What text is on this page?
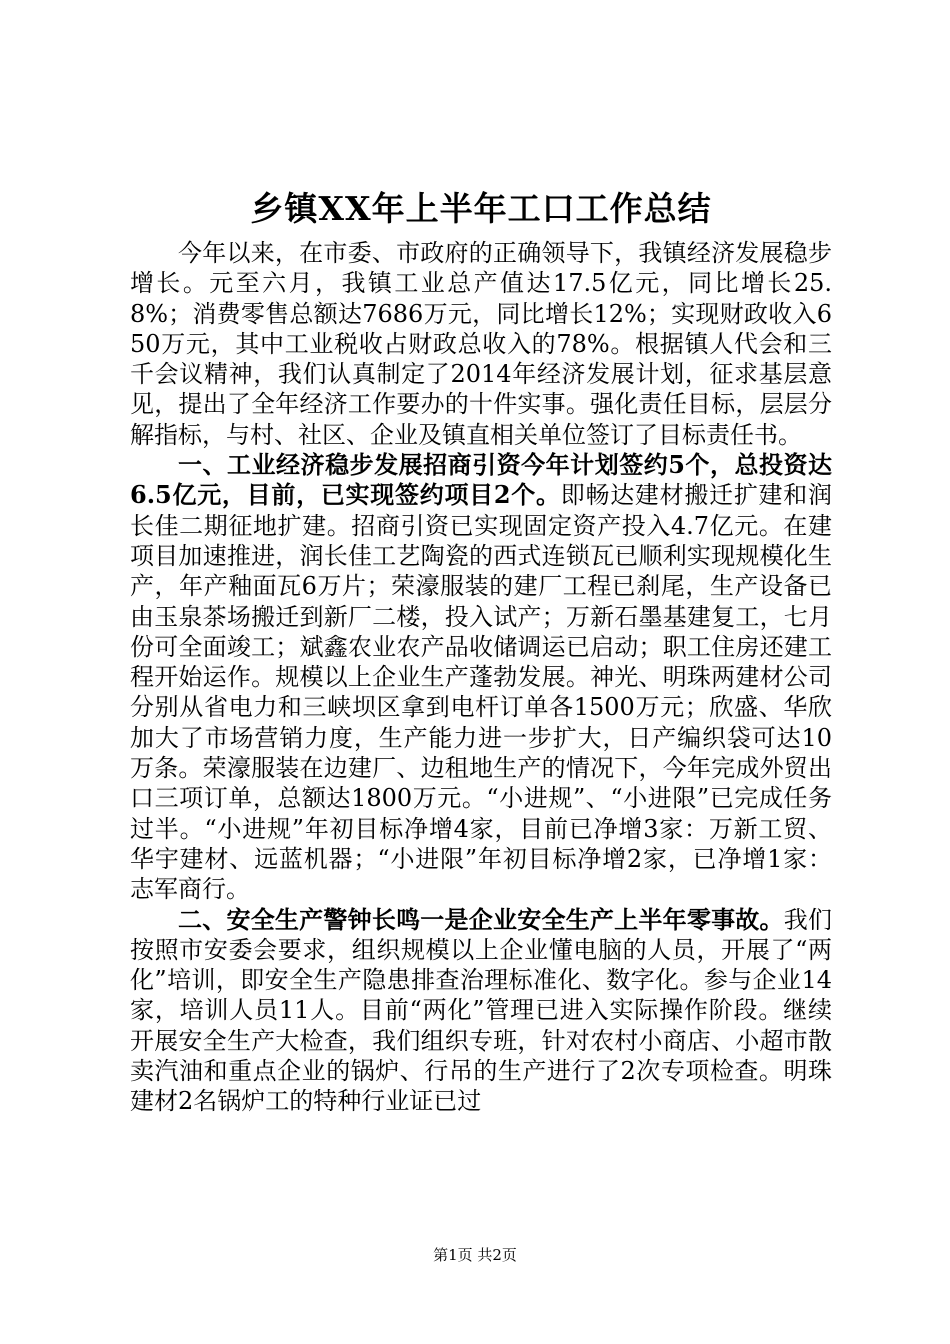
乡镇XX年上半年工口工作总结

今年以来，在市委、市政府的正确领导下，我镇经济发展稳步增长。元至六月，我镇工业总产值达17.5亿元，同比增长25.8%；消费零售总额达7686万元，同比增长12%；实现财政收入650万元，其中工业税收占财政总收入的78%。根据镇人代会和三千会议精神，我们认真制定了2014年经济发展计划，征求基层意见，提出了全年经济工作要办的十件实事。强化责任目标，层层分解指标，与村、社区、企业及镇直相关单位签订了目标责任书。

一、工业经济稳步发展招商引资今年计划签约5个，总投资达6.5亿元，目前，已实现签约项目2个。即畅达建材搬迁扩建和润长佳二期征地扩建。招商引资已实现固定资产投入4.7亿元。在建项目加速推进，润长佳工艺陶瓷的西式连锁瓦已顺利实现规模化生产，年产釉面瓦6万片；荣濠服装的建厂工程已刹尾，生产设备已由玉泉茶场搬迁到新厂二楼，投入试产；万新石墨基建复工，七月份可全面竣工；斌鑫农业农产品收储调运已启动；职工住房还建工程开始运作。规模以上企业生产蓬勃发展。神光、明珠两建材公司分别从省电力和三峡坝区拿到电杆订单各1500万元；欣盛、华欣加大了市场营销力度，生产能力进一步扩大，日产编织袋可达10万条。荣濠服装在边建厂、边租地生产的情况下，今年完成外贸出口三项订单，总额达1800万元。“小进规”、“小进限”已完成任务过半。“小进规”年初目标净增4家，目前已净增3家：万新工贸、华宇建材、远蓝机器；“小进限”年初目标净增2家，已净增1家：志军商行。

二、安全生产警钟长鸣一是企业安全生产上半年零事故。我们按照市安委会要求，组织规模以上企业懂电脑的人员，开展了“两化”培训，即安全生产隐患排查治理标准化、数字化。参与企业14家，培训人员11人。目前“两化”管理已进入实际操作阶段。继续开展安全生产大检查，我们组织专班，针对农村小商店、小超市散卖汽油和重点企业的锅炉、行吊的生产进行了2次专项检查。明珠建材2名锅炉工的特种行业证已过

第1页 共2页
